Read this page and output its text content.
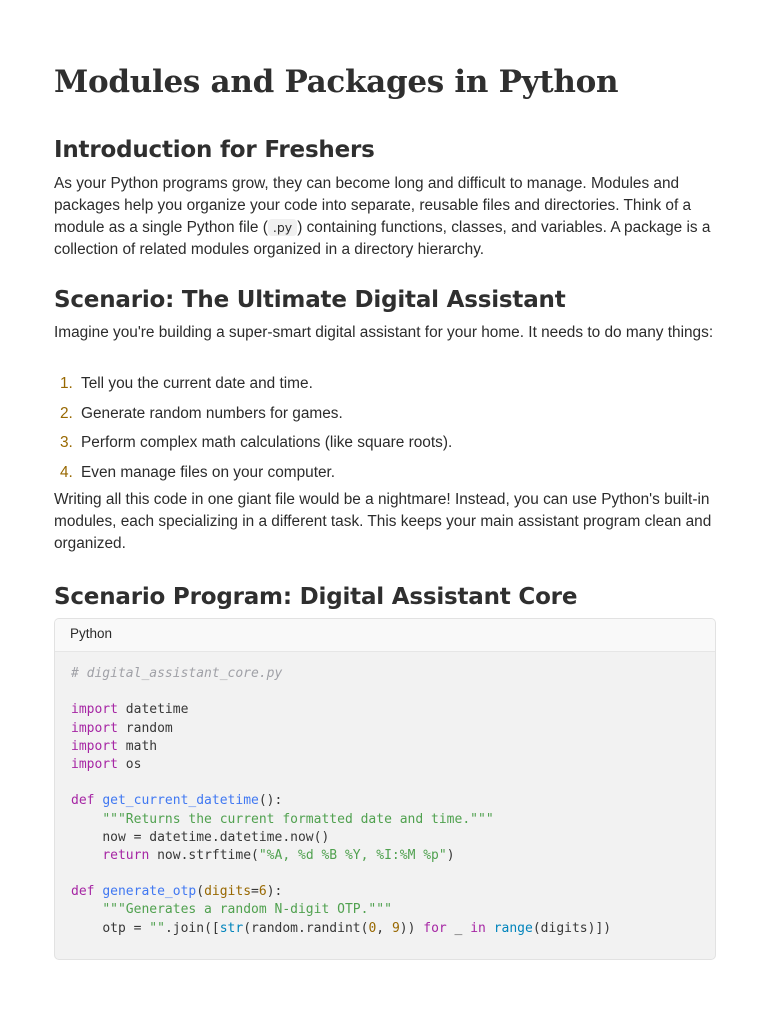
Modules and Packages in Python
Introduction for Freshers

As your Python programs grow, they can become long and difficult to manage. Modules and packages help you organize your code into separate, reusable files and directories. Think of a module as a single Python file ( .py ) containing functions, classes, and variables. A package is a collection of related modules organized in a directory hierarchy.

Scenario: The Ultimate Digital Assistant

Imagine you're building a super-smart digital assistant for your home. It needs to do many things:

1. Tell you the current date and time.
2. Generate random numbers for games.
3. Perform complex math calculations (like square roots).
4. Even manage files on your computer.

Writing all this code in one giant file would be a nightmare! Instead, you can use Python's built-in modules, each specializing in a different task. This keeps your main assistant program clean and organized.

Scenario Program: Digital Assistant Core
Python
# digital_assistant_core.py
import datetime
import random
import math
import os
def get_current_datetime():
"""Returns the current formatted date and time."""
now = datetime.datetime.now()
return now.strftime("%A, %d %B %Y, %I:%M %p")
def generate_otp(digits=6):
"""Generates a random N-digit OTP."""
otp = "".join([str(random.randint(0, 9)) for _ in range(digits)])
